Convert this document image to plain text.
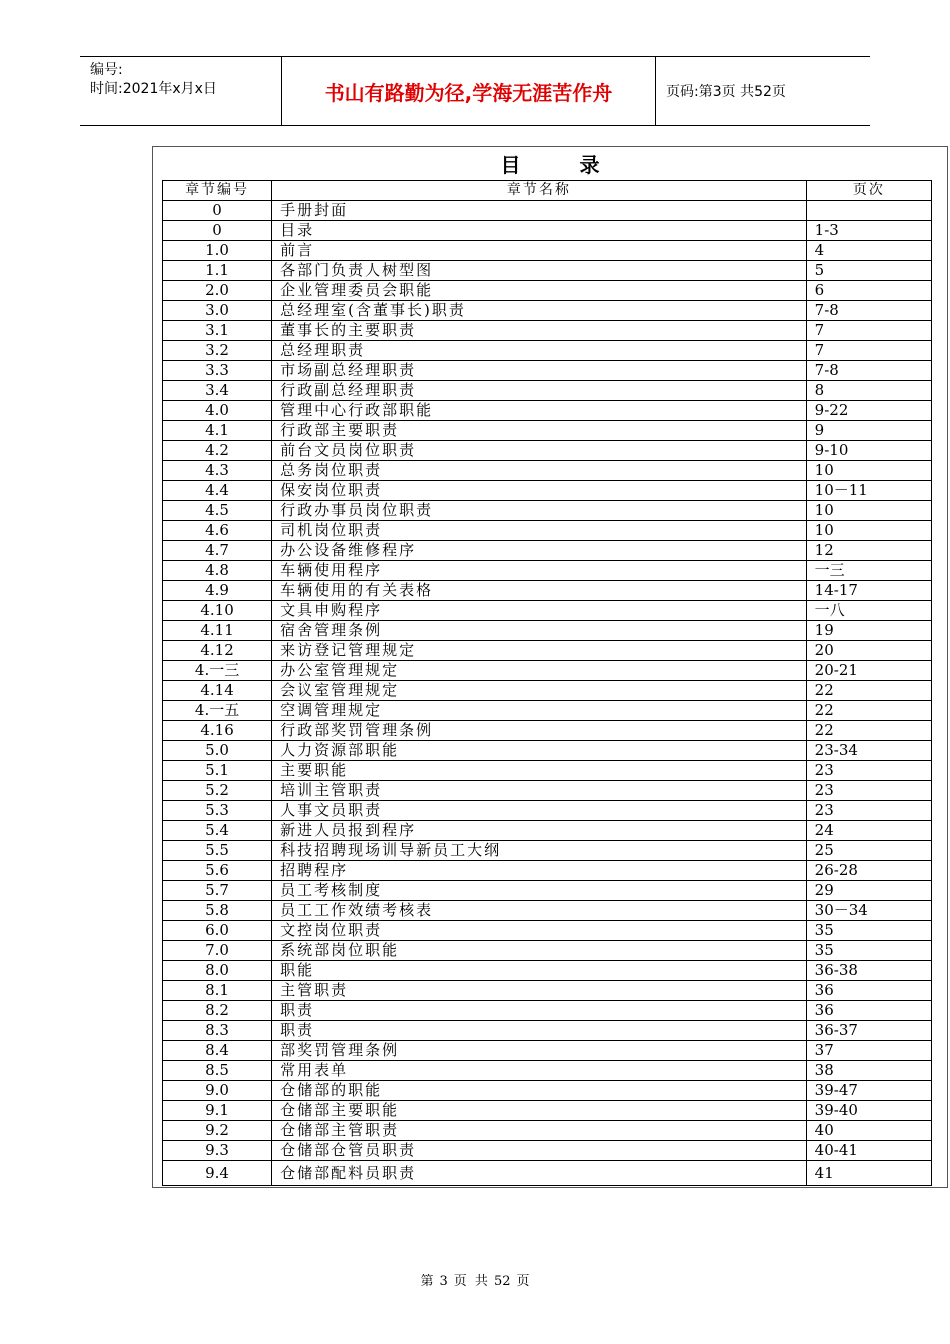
编号:
时间:2021年x月x日	书山有路勤为径,学海无涯苦作舟	页码:第3页 共52页
目 录
章节编号	章节名称	页次
0	手册封面	
0	目录	1-3
1.0	前言	4
1.1	各部门负责人树型图	5
2.0	企业管理委员会职能	6
3.0	总经理室(含董事长)职责	7-8
3.1	董事长的主要职责	7
3.2	总经理职责	7
3.3	市场副总经理职责	7-8
3.4	行政副总经理职责	8
4.0	管理中心行政部职能	9-22
4.1	行政部主要职责	9
4.2	前台文员岗位职责	9-10
4.3	总务岗位职责	10
4.4	保安岗位职责	10－11
4.5	行政办事员岗位职责	10
4.6	司机岗位职责	10
4.7	办公设备维修程序	12
4.8	车辆使用程序	一三
4.9	车辆使用的有关表格	14-17
4.10	文具申购程序	一八
4.11	宿舍管理条例	19
4.12	来访登记管理规定	20
4.一三	办公室管理规定	20-21
4.14	会议室管理规定	22
4.一五	空调管理规定	22
4.16	行政部奖罚管理条例	22
5.0	人力资源部职能	23-34
5.1	主要职能	23
5.2	培训主管职责	23
5.3	人事文员职责	23
5.4	新进人员报到程序	24
5.5	科技招聘现场训导新员工大纲	25
5.6	招聘程序	26-28
5.7	员工考核制度	29
5.8	员工工作效绩考核表	30－34
6.0	文控岗位职责	35
7.0	系统部岗位职能	35
8.0	职能	36-38
8.1	主管职责	36
8.2	职责	36
8.3	职责	36-37
8.4	部奖罚管理条例	37
8.5	常用表单	38
9.0	仓储部的职能	39-47
9.1	仓储部主要职能	39-40
9.2	仓储部主管职责	40
9.3	仓储部仓管员职责	40-41
9.4	仓储部配料员职责	41
第 3 页 共 52 页
